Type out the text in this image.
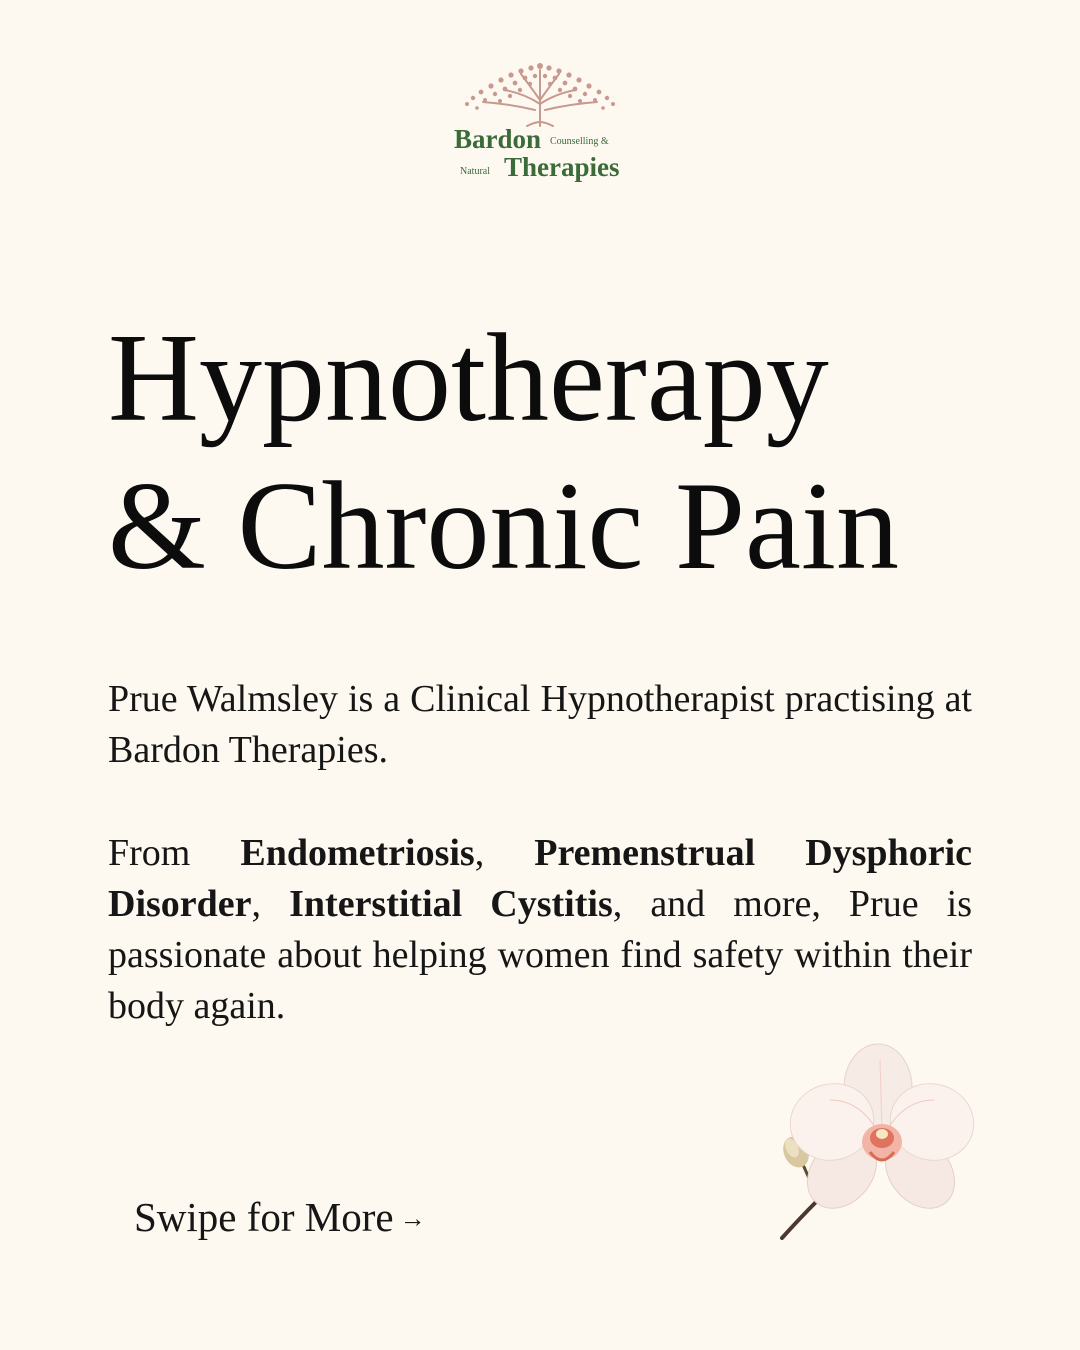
Bardon Counselling &
Natural Therapies
Hypnotherapy
& Chronic Pain

Prue Walmsley is a Clinical Hypnotherapist practising at Bardon Therapies.

From Endometriosis, Premenstrual Dysphoric Disorder, Interstitial Cystitis, and more, Prue is passionate about helping women find safety within their body again.

Swipe for More →
